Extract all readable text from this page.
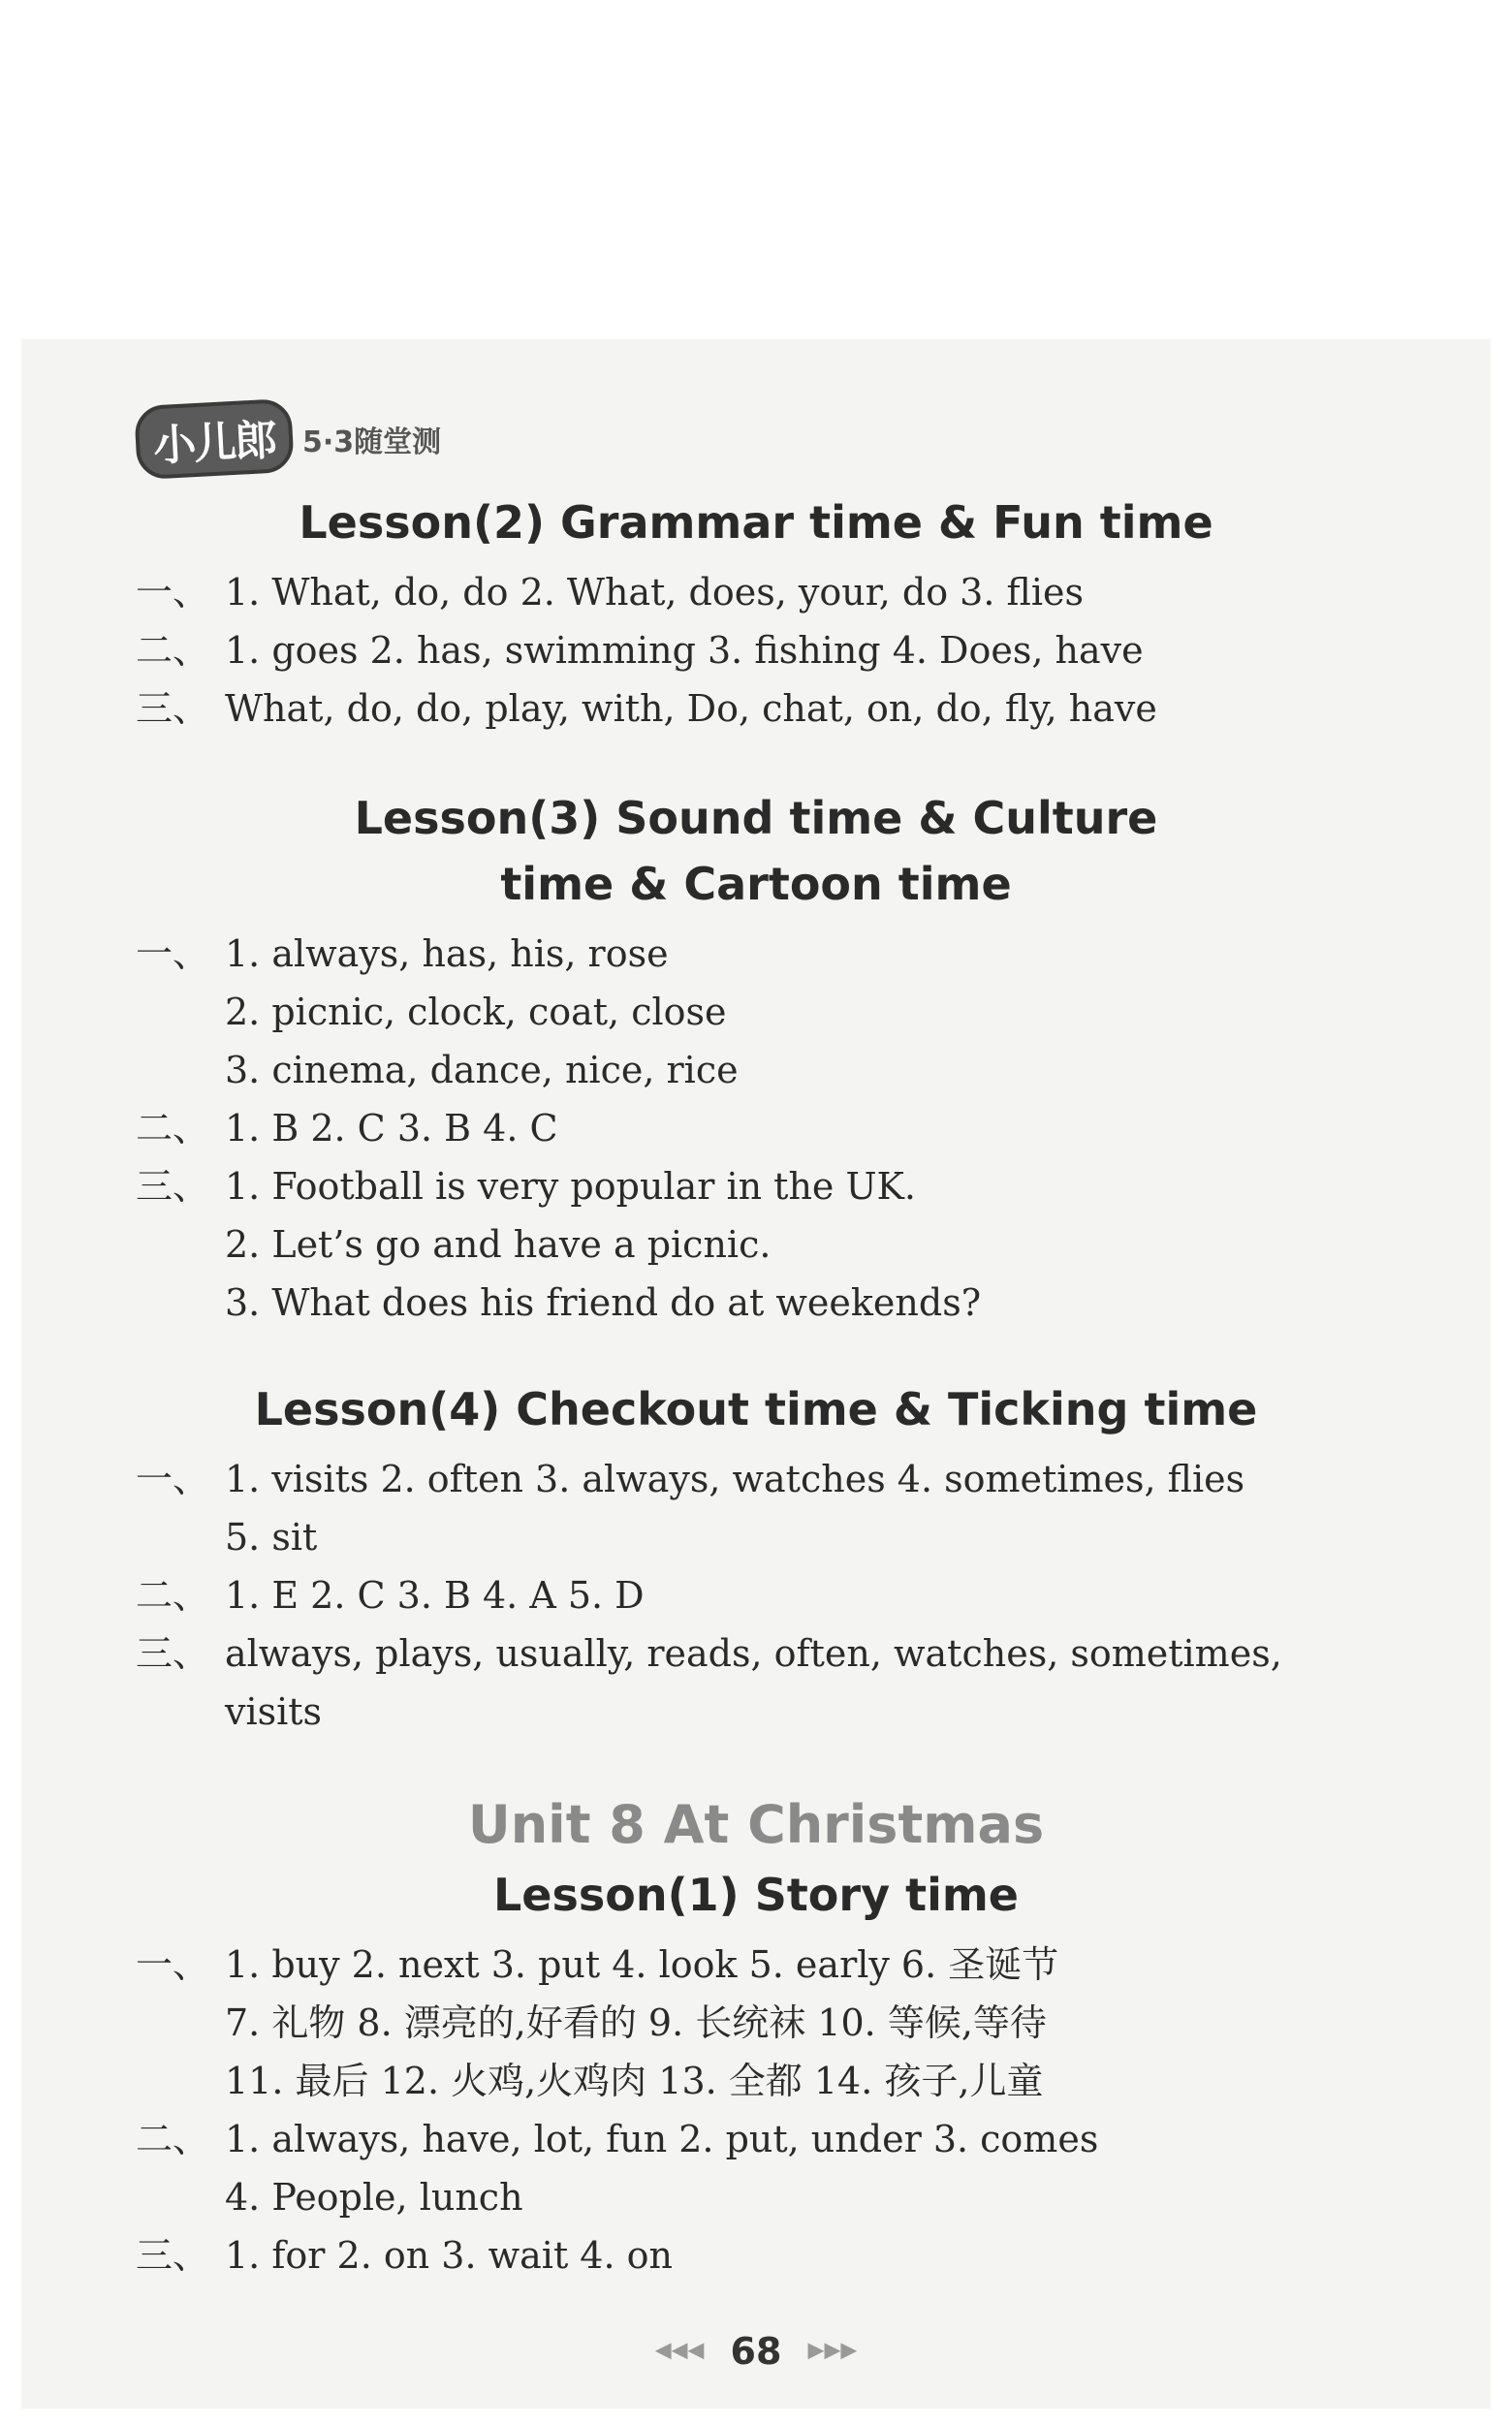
小儿郎 5·3随堂测
Lesson(2) Grammar time & Fun time
一、 1. What, do, do 2. What, does, your, do 3. flies
二、 1. goes 2. has, swimming 3. fishing 4. Does, have
三、 What, do, do, play, with, Do, chat, on, do, fly, have
Lesson(3) Sound time & Culture
time & Cartoon time
一、 1. always, has, his, rose
2. picnic, clock, coat, close
3. cinema, dance, nice, rice
二、 1. B 2. C 3. B 4. C
三、 1. Football is very popular in the UK.
2. Let’s go and have a picnic.
3. What does his friend do at weekends?
Lesson(4) Checkout time & Ticking time
一、 1. visits 2. often 3. always, watches 4. sometimes, flies
5. sit
二、 1. E 2. C 3. B 4. A 5. D
三、 always, plays, usually, reads, often, watches, sometimes,
visits
Unit 8 At Christmas
Lesson(1) Story time
一、 1. buy 2. next 3. put 4. look 5. early 6. 圣诞节
7. 礼物 8. 漂亮的,好看的 9. 长统袜 10. 等候,等待
11. 最后 12. 火鸡,火鸡肉 13. 全都 14. 孩子,儿童
二、 1. always, have, lot, fun 2. put, under 3. comes
4. People, lunch
三、 1. for 2. on 3. wait 4. on
◀◀◀ 68 ▶▶▶
